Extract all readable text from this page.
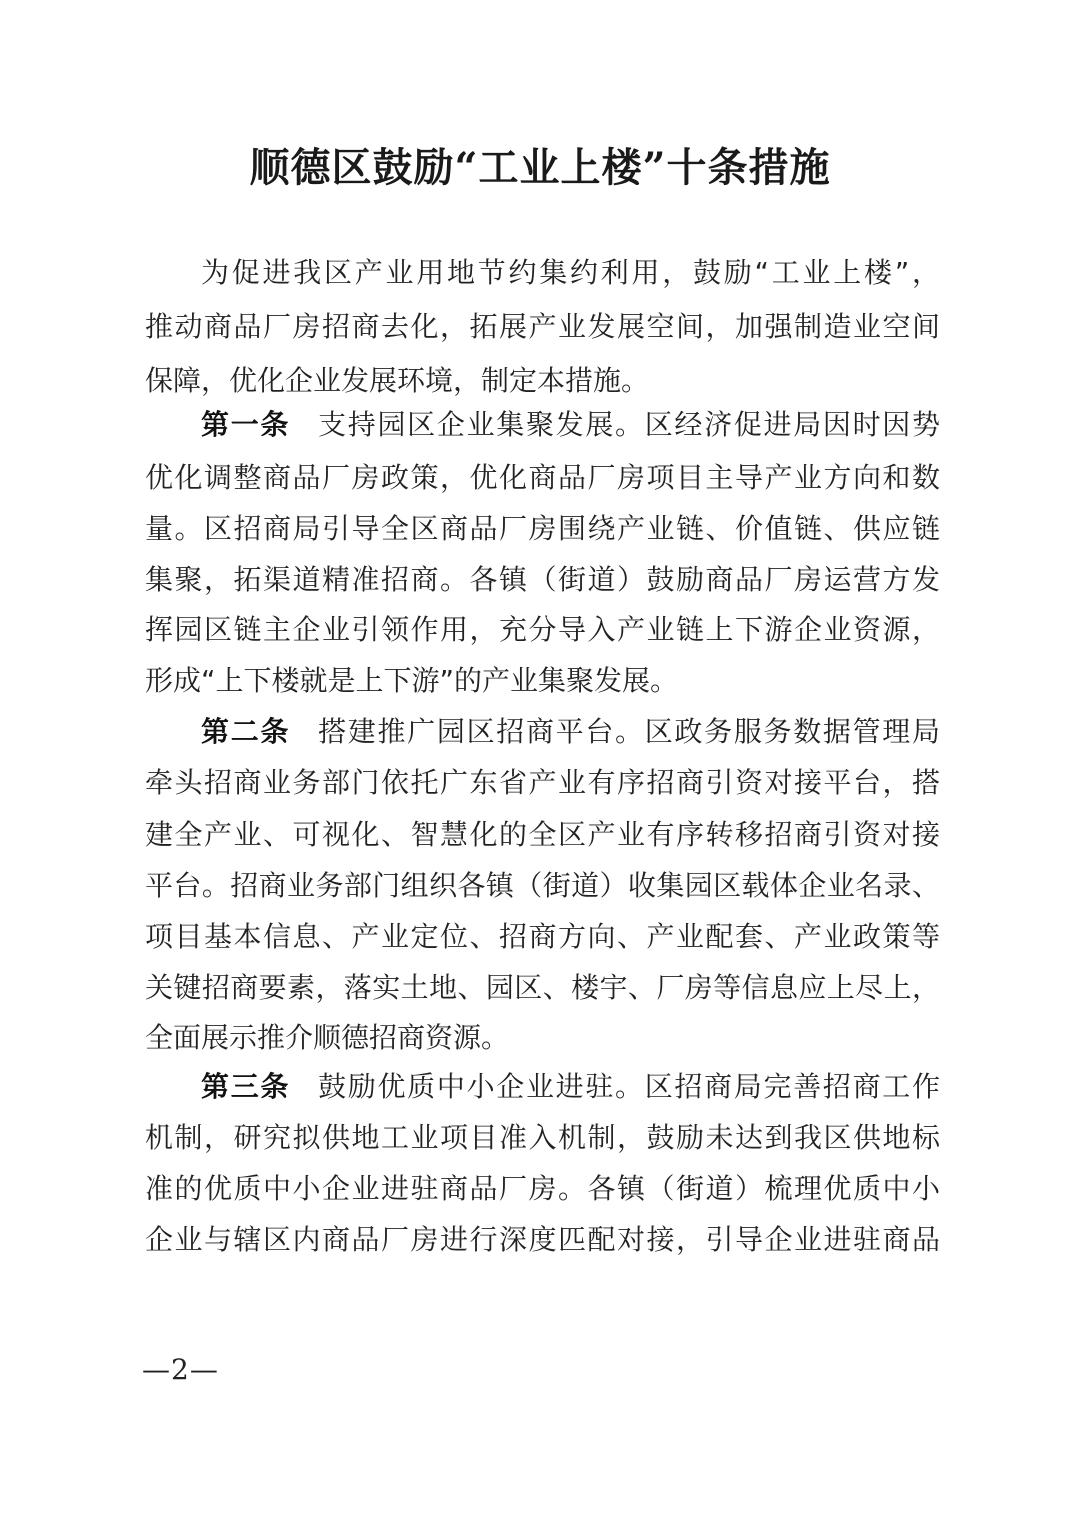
顺德区鼓励“工业上楼”十条措施
为促进我区产业用地节约集约利用，鼓励“工业上楼”，
推动商品厂房招商去化，拓展产业发展空间，加强制造业空间
保障，优化企业发展环境，制定本措施。
第一条 支持园区企业集聚发展。区经济促进局因时因势
优化调整商品厂房政策，优化商品厂房项目主导产业方向和数
量。区招商局引导全区商品厂房围绕产业链、价值链、供应链
集聚，拓渠道精准招商。各镇（街道）鼓励商品厂房运营方发
挥园区链主企业引领作用，充分导入产业链上下游企业资源，
形成“上下楼就是上下游”的产业集聚发展。
第二条 搭建推广园区招商平台。区政务服务数据管理局
牵头招商业务部门依托广东省产业有序招商引资对接平台，搭
建全产业、可视化、智慧化的全区产业有序转移招商引资对接
平台。招商业务部门组织各镇（街道）收集园区载体企业名录、
项目基本信息、产业定位、招商方向、产业配套、产业政策等
关键招商要素，落实土地、园区、楼宇、厂房等信息应上尽上，
全面展示推介顺德招商资源。
第三条 鼓励优质中小企业进驻。区招商局完善招商工作
机制，研究拟供地工业项目准入机制，鼓励未达到我区供地标
准的优质中小企业进驻商品厂房。各镇（街道）梳理优质中小
企业与辖区内商品厂房进行深度匹配对接，引导企业进驻商品
—2—
